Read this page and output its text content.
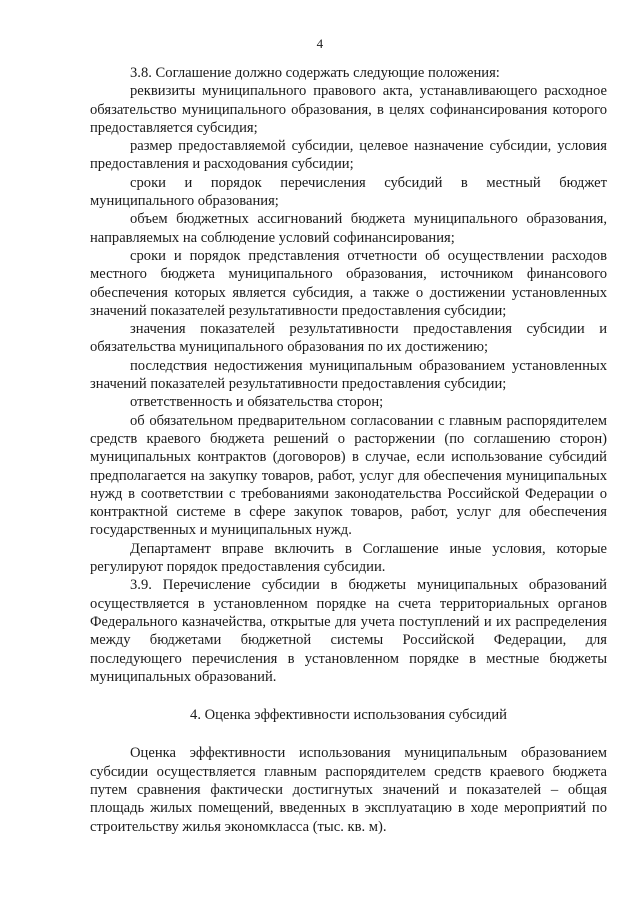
4

3.8. Соглашение должно содержать следующие положения:

реквизиты муниципального правового акта, устанавливающего расходное обязательство муниципального образования, в целях софинансирования которого предоставляется субсидия;

размер предоставляемой субсидии, целевое назначение субсидии, условия предоставления и расходования субсидии;

сроки и порядок перечисления субсидий в местный бюджет муниципального образования;

объем бюджетных ассигнований бюджета муниципального образования, направляемых на соблюдение условий софинансирования;

сроки и порядок представления отчетности об осуществлении расходов местного бюджета муниципального образования, источником финансового обеспечения которых является субсидия, а также о достижении установленных значений показателей результативности предоставления субсидии;

значения показателей результативности предоставления субсидии и обязательства муниципального образования по их достижению;

последствия недостижения муниципальным образованием установленных значений показателей результативности предоставления субсидии;

ответственность и обязательства сторон;

об обязательном предварительном согласовании с главным распорядителем средств краевого бюджета решений о расторжении (по соглашению сторон) муниципальных контрактов (договоров) в случае, если использование субсидий предполагается на закупку товаров, работ, услуг для обеспечения муниципальных нужд в соответствии с требованиями законодательства Российской Федерации о контрактной системе в сфере закупок товаров, работ, услуг для обеспечения государственных и муниципальных нужд.

Департамент вправе включить в Соглашение иные условия, которые регулируют порядок предоставления субсидии.

3.9. Перечисление субсидии в бюджеты муниципальных образований осуществляется в установленном порядке на счета территориальных органов Федерального казначейства, открытые для учета поступлений и их распределения между бюджетами бюджетной системы Российской Федерации, для последующего перечисления в установленном порядке в местные бюджеты муниципальных образований.

4. Оценка эффективности использования субсидий

Оценка эффективности использования муниципальным образованием субсидии осуществляется главным распорядителем средств краевого бюджета путем сравнения фактически достигнутых значений и показателей – общая площадь жилых помещений, введенных в эксплуатацию в ходе мероприятий по строительству жилья экономкласса (тыс. кв. м).
